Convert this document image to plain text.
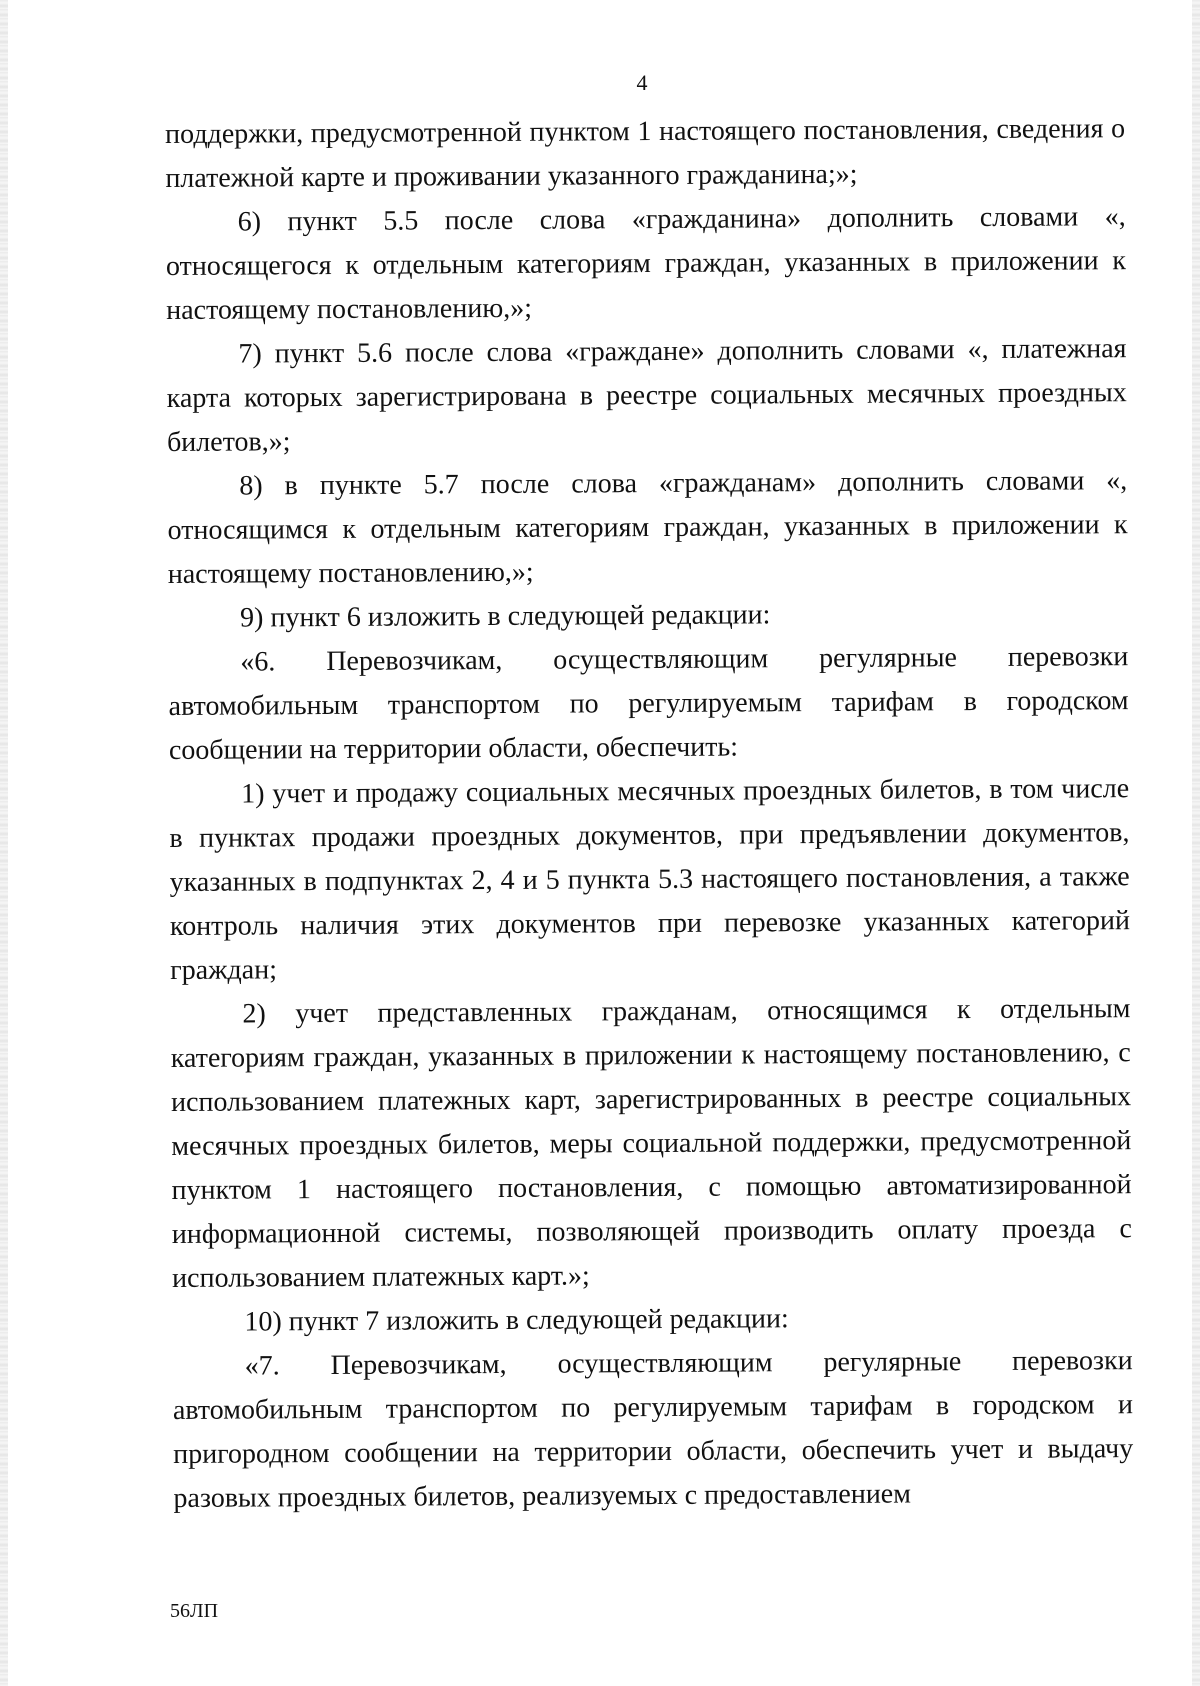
4

поддержки, предусмотренной пунктом 1 настоящего постановления, сведения о платежной карте и проживании указанного гражданина;»;

6) пункт 5.5 после слова «гражданина» дополнить словами «, относящегося к отдельным категориям граждан, указанных в приложении к настоящему постановлению,»;

7) пункт 5.6 после слова «граждане» дополнить словами «, платежная карта которых зарегистрирована в реестре социальных месячных проездных билетов,»;

8) в пункте 5.7 после слова «гражданам» дополнить словами «, относящимся к отдельным категориям граждан, указанных в приложении к настоящему постановлению,»;

9) пункт 6 изложить в следующей редакции:

«6. Перевозчикам, осуществляющим регулярные перевозки автомобильным транспортом по регулируемым тарифам в городском сообщении на территории области, обеспечить:

1) учет и продажу социальных месячных проездных билетов, в том числе в пунктах продажи проездных документов, при предъявлении документов, указанных в подпунктах 2, 4 и 5 пункта 5.3 настоящего постановления, а также контроль наличия этих документов при перевозке указанных категорий граждан;

2) учет представленных гражданам, относящимся к отдельным категориям граждан, указанных в приложении к настоящему постановлению, с использованием платежных карт, зарегистрированных в реестре социальных месячных проездных билетов, меры социальной поддержки, предусмотренной пунктом 1 настоящего постановления, с помощью автоматизированной информационной системы, позволяющей производить оплату проезда с использованием платежных карт.»;

10) пункт 7 изложить в следующей редакции:

«7. Перевозчикам, осуществляющим регулярные перевозки автомобильным транспортом по регулируемым тарифам в городском и пригородном сообщении на территории области, обеспечить учет и выдачу разовых проездных билетов, реализуемых с предоставлением

56ЛП
